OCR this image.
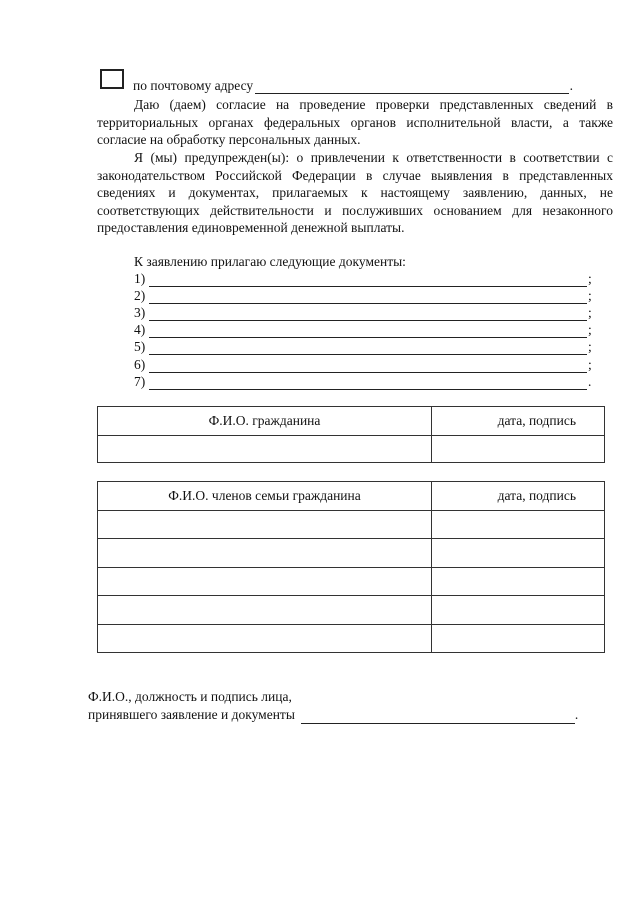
по почтовому адресу	.

Даю (даем) согласие на проведение проверки представленных сведений в территориальных органах федеральных органов исполнительной власти, а также согласие на обработку персональных данных.

Я (мы) предупрежден(ы): о привлечении к ответственности в соответствии с законодательством Российской Федерации в случае выявления в представленных сведениях и документах, прилагаемых к настоящему заявлению, данных, не соответствующих действительности и послуживших основанием для незаконного предоставления единовременной денежной выплаты.

К заявлению прилагаю следующие документы:
1)	;
2)	;
3)	;
4)	;
5)	;
6)	;
7)	.
Ф.И.О. гражданина	дата, подпись

Ф.И.О. членов семьи гражданина	дата, подпись

Ф.И.О., должность и подпись лица,
принявшего заявление и документы	.
